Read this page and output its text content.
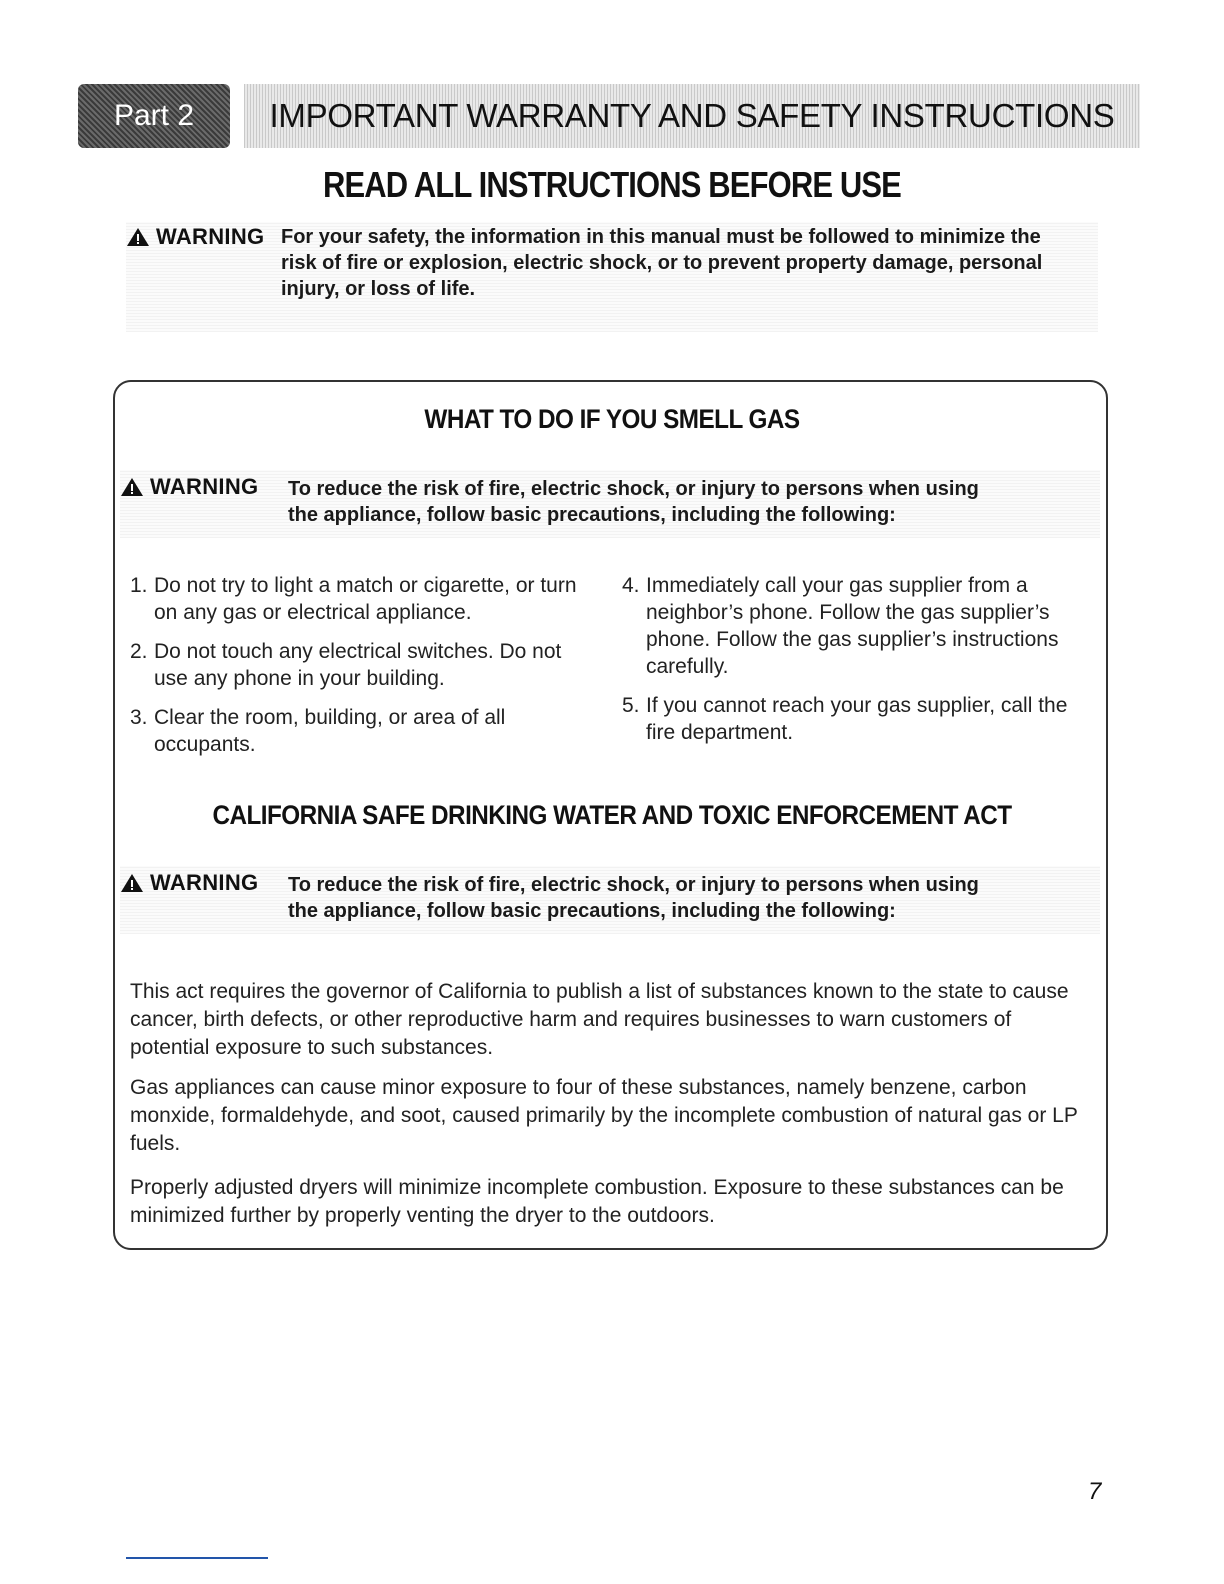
Part 2	IMPORTANT WARRANTY AND SAFETY INSTRUCTIONS
READ ALL INSTRUCTIONS BEFORE USE
WARNING For your safety, the information in this manual must be followed to minimize the risk of fire or explosion, electric shock, or to prevent property damage, personal injury, or loss of life.
WHAT TO DO IF YOU SMELL GAS
WARNING To reduce the risk of fire, electric shock, or injury to persons when using the appliance, follow basic precautions, including the following:
1. Do not try to light a match or cigarette, or turn on any gas or electrical appliance.
2. Do not touch any electrical switches. Do not use any phone in your building.
3. Clear the room, building, or area of all occupants.
4. Immediately call your gas supplier from a neighbor’s phone. Follow the gas supplier’s phone. Follow the gas supplier’s instructions carefully.
5. If you cannot reach your gas supplier, call the fire department.
CALIFORNIA SAFE DRINKING WATER AND TOXIC ENFORCEMENT ACT
WARNING To reduce the risk of fire, electric shock, or injury to persons when using the appliance, follow basic precautions, including the following:

This act requires the governor of California to publish a list of substances known to the state to cause cancer, birth defects, or other reproductive harm and requires businesses to warn customers of potential exposure to such substances.

Gas appliances can cause minor exposure to four of these substances, namely benzene, carbon monxide, formaldehyde, and soot, caused primarily by the incomplete combustion of natural gas or LP fuels.

Properly adjusted dryers will minimize incomplete combustion. Exposure to these substances can be minimized further by properly venting the dryer to the outdoors.

7
